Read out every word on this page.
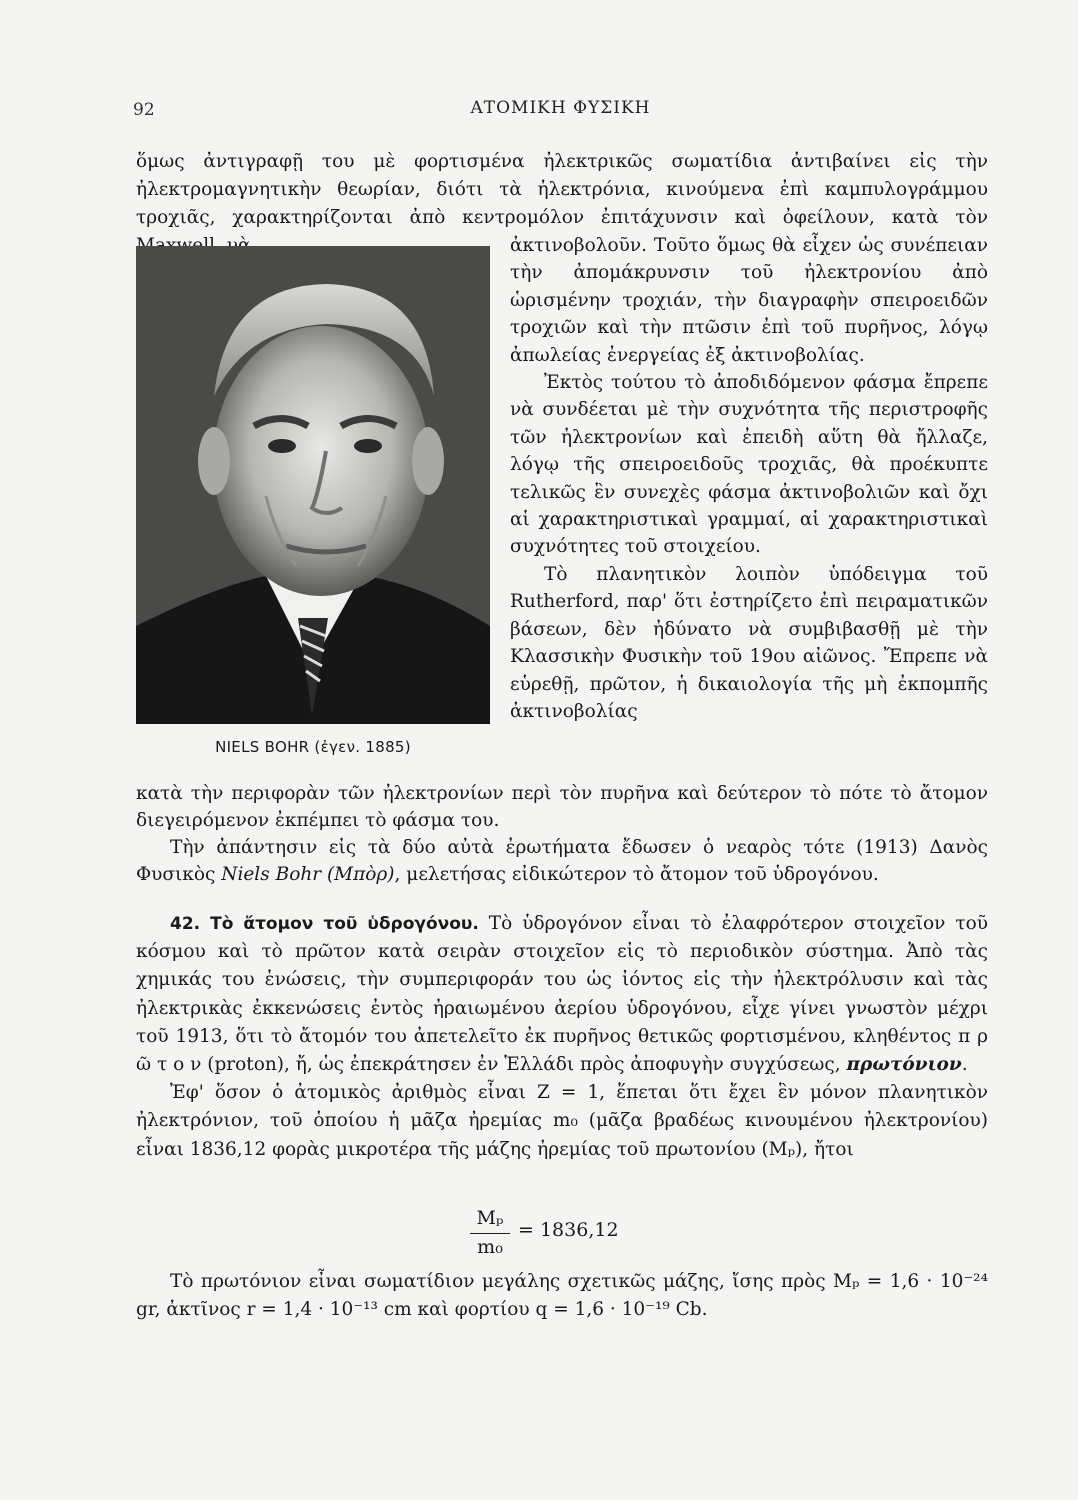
92	ΑΤΟΜΙΚΗ ΦΥΣΙΚΗ

ὅμως ἀντιγραφῇ του μὲ φορτισμένα ἠλεκτρικῶς σωματίδια ἀντιβαίνει εἰς τὴν ἠλεκτρομαγνητικὴν θεωρίαν, διότι τὰ ἠλεκτρόνια, κινούμενα ἐπὶ καμπυλογράμμου τροχιᾶς, χαρακτηρίζονται ἀπὸ κεντρομόλον ἐπιτάχυνσιν καὶ ὀφείλουν, κατὰ τὸν

NIELS BOHR (ἐγεν. 1885)

ἀκτινοβολοῦν. Τοῦτο ὅμως θὰ εἶχεν ὡς συνέπειαν τὴν ἀπομάκρυνσιν τοῦ ἠλεκτρονίου ἀπὸ ὡρισμένην τροχιάν, τὴν διαγραφὴν σπειροειδῶν τροχιῶν καὶ τὴν πτῶσιν ἐπὶ τοῦ πυρῆνος, λόγῳ ἀπωλείας ἐνεργείας ἐξ ἀκτινοβολίας.

Ἐκτὸς τούτου τὸ ἀποδιδόμενον φάσμα ἔπρεπε νὰ συνδέεται μὲ τὴν συχνότητα τῆς περιστροφῆς τῶν ἠλεκτρονίων καὶ ἐπειδὴ αὕτη θὰ ἤλλαζε, λόγῳ τῆς σπειροειδοῦς τροχιᾶς, θὰ προέκυπτε τελικῶς ἓν συνεχὲς φάσμα ἀκτινοβολιῶν καὶ ὄχι αἱ χαρακτηριστικαὶ γραμμαί, αἱ χαρακτηριστικαὶ συχνότητες τοῦ στοιχείου.

Τὸ πλανητικὸν λοιπὸν ὑπόδειγμα τοῦ Rutherford, παρ' ὅτι ἐστηρίζετο ἐπὶ πειραματικῶν βάσεων, δὲν ἠδύνατο νὰ συμβιβασθῇ μὲ τὴν Κλασσικὴν Φυσικὴν τοῦ 19ου αἰῶνος. Ἔπρεπε νὰ εὑρεθῇ, πρῶτον, ἡ δικαιολογία τῆς μὴ ἐκπομπῆς ἀκτινοβολίας

κατὰ τὴν περιφορὰν τῶν ἠλεκτρονίων περὶ τὸν πυρῆνα καὶ δεύτερον τὸ πότε τὸ ἄτομον διεγειρόμενον ἐκπέμπει τὸ φάσμα του.

Τὴν ἀπάντησιν εἰς τὰ δύο αὐτὰ ἐρωτήματα ἔδωσεν ὁ νεαρὸς τότε (1913) Δανὸς Φυσικὸς Niels Bohr (Μπὸρ), μελετήσας εἰδικώτερον τὸ ἄτομον τοῦ ὑδρογόνου.

42. Τὸ ἄτομον τοῦ ὑδρογόνου. Τὸ ὑδρογόνον εἶναι τὸ ἐλαφρότερον στοιχεῖον τοῦ κόσμου καὶ τὸ πρῶτον κατὰ σειρὰν στοιχεῖον εἰς τὸ περιοδικὸν σύστημα. Ἀπὸ τὰς χημικάς του ἑνώσεις, τὴν συμπεριφοράν του ὡς ἰόντος εἰς τὴν ἠλεκτρόλυσιν καὶ τὰς ἠλεκτρικὰς ἐκκενώσεις ἐντὸς ἠραιωμένου ἀερίου ὑδρογόνου, εἶχε γίνει γνωστὸν μέχρι τοῦ 1913, ὅτι τὸ ἄτομόν του ἀπετελεῖτο ἐκ πυρῆνος θετικῶς φορτισμένου, κληθέντος π ρ ῶ τ ο ν (proton), ἤ, ὡς ἐπεκράτησεν ἐν Ἑλλάδι πρὸς ἀποφυγὴν συγχύσεως, πρωτόνιον.

Ἐφ' ὅσον ὁ ἀτομικὸς ἀριθμὸς εἶναι Z = 1, ἕπεται ὅτι ἔχει ἓν μόνον πλανητικὸν ἠλεκτρόνιον, τοῦ ὁποίου ἡ μᾶζα ἠρεμίας m₀ (μᾶζα βραδέως κινουμένου ἠλεκτρονίου) εἶναι 1836,12 φορὰς μικροτέρα τῆς μάζης ἠρεμίας τοῦ πρωτονίου (Mₚ), ἤτοι

Mₚ
m₀
= 1836,12

Τὸ πρωτόνιον εἶναι σωματίδιον μεγάλης σχετικῶς μάζης, ἴσης πρὸς Mₚ = 1,6 · 10⁻²⁴ gr, ἀκτῖνος r = 1,4 · 10⁻¹³ cm καὶ φορτίου q = 1,6 · 10⁻¹⁹ Cb.
